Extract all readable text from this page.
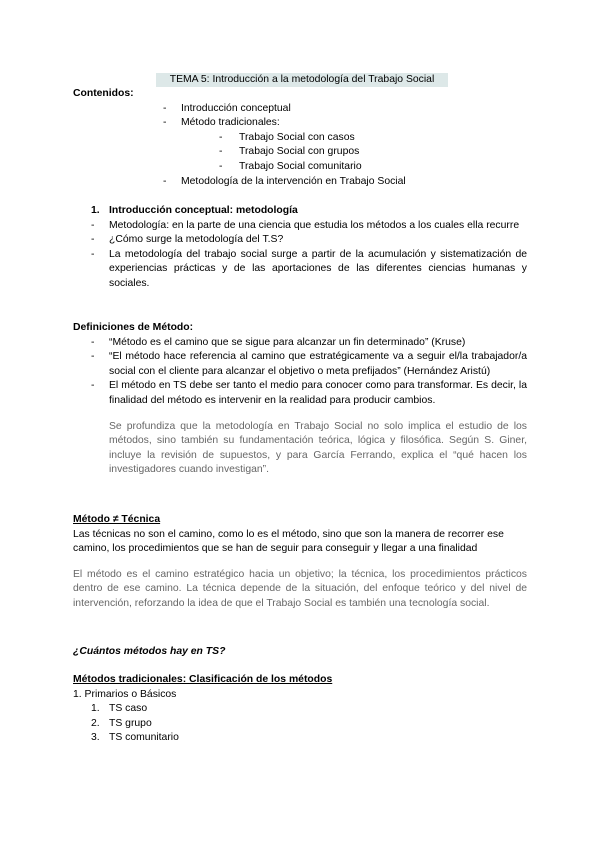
TEMA 5: Introducción a la metodología del Trabajo Social
Contenidos:
- Introducción conceptual
- Método tradicionales:
- Trabajo Social con casos
- Trabajo Social con grupos
- Trabajo Social comunitario
- Metodología de la intervención en Trabajo Social
1. Introducción conceptual: metodología
- Metodología: en la parte de una ciencia que estudia los métodos a los cuales ella recurre
- ¿Cómo surge la metodología del T.S?
- La metodología del trabajo social surge a partir de la acumulación y sistematización de experiencias prácticas y de las aportaciones de las diferentes ciencias humanas y sociales.
Definiciones de Método:
- “Método es el camino que se sigue para alcanzar un fin determinado” (Kruse)
- “El método hace referencia al camino que estratégicamente va a seguir el/la trabajador/a social con el cliente para alcanzar el objetivo o meta prefijados” (Hernández Aristú)
- El método en TS debe ser tanto el medio para conocer como para transformar. Es decir, la finalidad del método es intervenir en la realidad para producir cambios.
Se profundiza que la metodología en Trabajo Social no solo implica el estudio de los métodos, sino también su fundamentación teórica, lógica y filosófica. Según S. Giner, incluye la revisión de supuestos, y para García Ferrando, explica el “qué hacen los investigadores cuando investigan”.
Método ≠ Técnica
Las técnicas no son el camino, como lo es el método, sino que son la manera de recorrer ese camino, los procedimientos que se han de seguir para conseguir y llegar a una finalidad
El método es el camino estratégico hacia un objetivo; la técnica, los procedimientos prácticos dentro de ese camino. La técnica depende de la situación, del enfoque teórico y del nivel de intervención, reforzando la idea de que el Trabajo Social es también una tecnología social.
¿Cuántos métodos hay en TS?
Métodos tradicionales: Clasificación de los métodos
1. Primarios o Básicos
1. TS caso
2. TS grupo
3. TS comunitario
